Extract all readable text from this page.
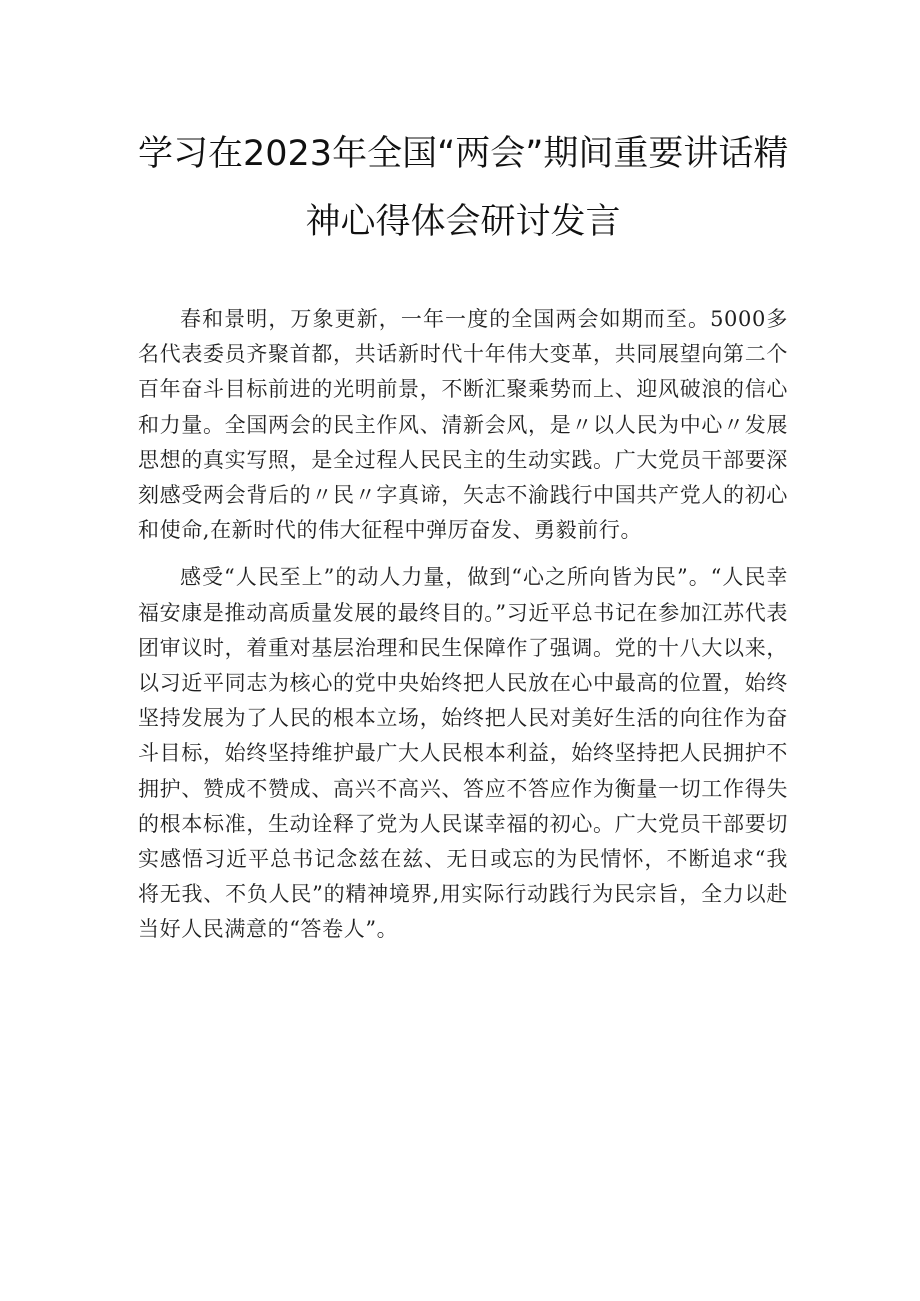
学习在2023年全国“两会”期间重要讲话精
神心得体会研讨发言

春和景明，万象更新，一年一度的全国两会如期而至。5000多名代表委员齐聚首都，共话新时代十年伟大变革，共同展望向第二个百年奋斗目标前进的光明前景，不断汇聚乘势而上、迎风破浪的信心和力量。全国两会的民主作风、清新会风，是〃以人民为中心〃发展思想的真实写照，是全过程人民民主的生动实践。广大党员干部要深刻感受两会背后的〃民〃字真谛，矢志不渝践行中国共产党人的初心和使命,在新时代的伟大征程中弹厉奋发、勇毅前行。

感受“人民至上”的动人力量，做到“心之所向皆为民”。“人民幸福安康是推动高质量发展的最终目的。”习近平总书记在参加江苏代表团审议时，着重对基层治理和民生保障作了强调。党的十八大以来，以习近平同志为核心的党中央始终把人民放在心中最高的位置，始终坚持发展为了人民的根本立场，始终把人民对美好生活的向往作为奋斗目标，始终坚持维护最广大人民根本利益，始终坚持把人民拥护不拥护、赞成不赞成、高兴不高兴、答应不答应作为衡量一切工作得失的根本标准，生动诠释了党为人民谋幸福的初心。广大党员干部要切实感悟习近平总书记念兹在兹、无日或忘的为民情怀，不断追求“我将无我、不负人民”的精神境界,用实际行动践行为民宗旨，全力以赴当好人民满意的“答卷人”。
